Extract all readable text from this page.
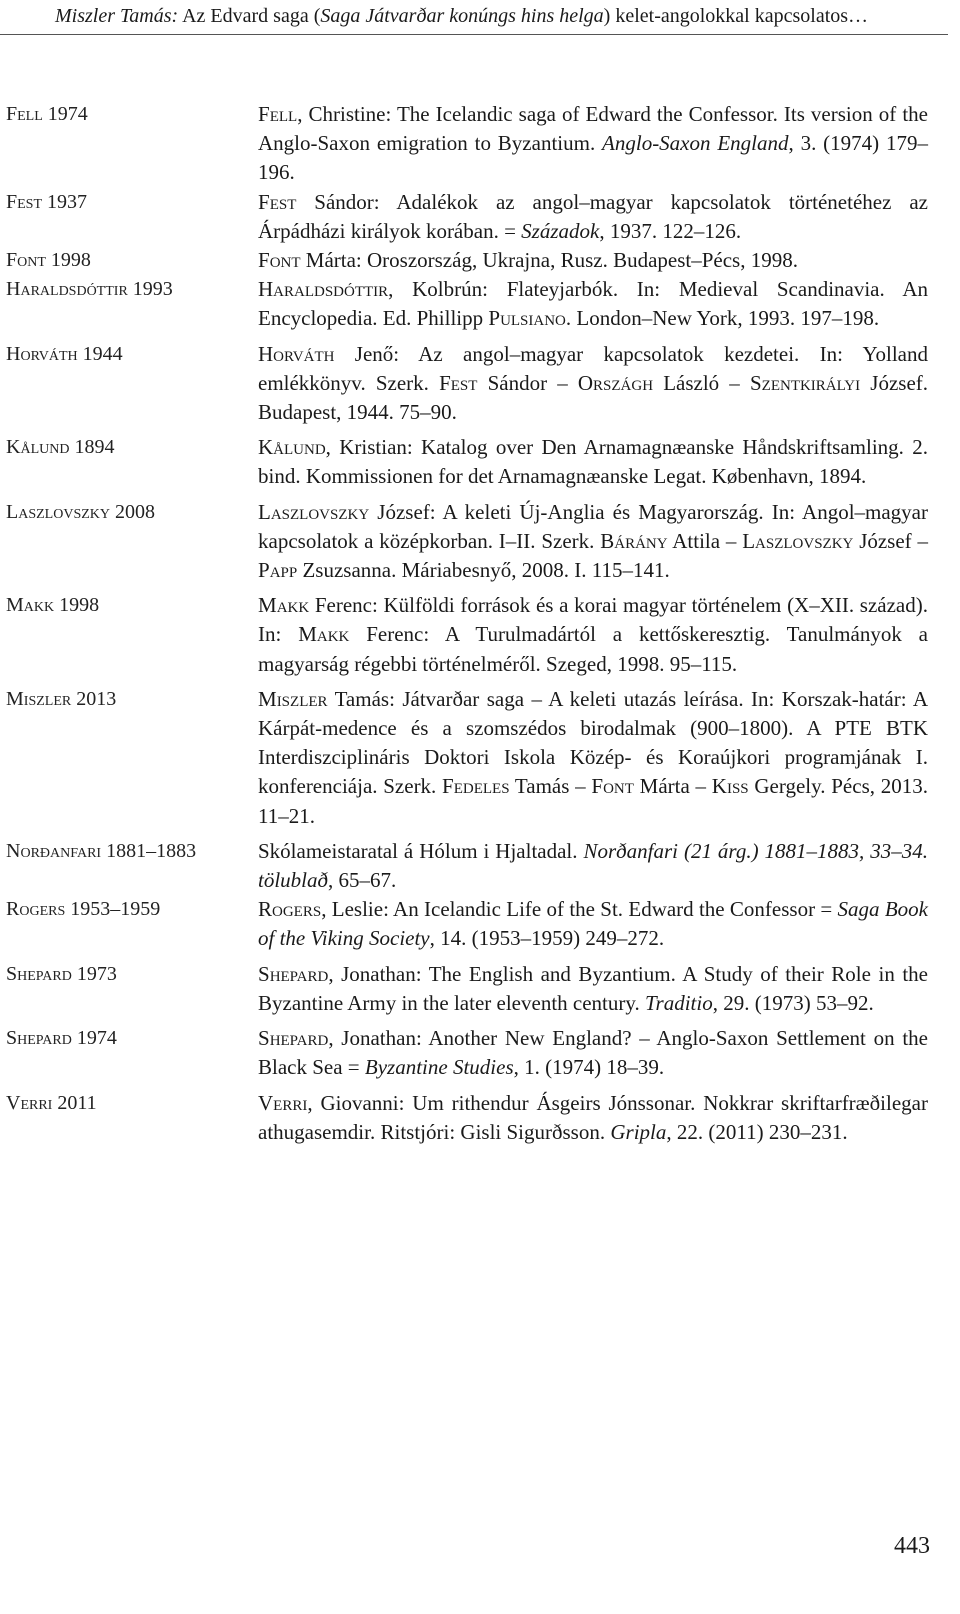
Miszler Tamás: Az Edvard saga (Saga Játvarðar konúngs hins helga) kelet-angolokkal kapcsolatos…
Fell 1974	Fell, Christine: The Icelandic saga of Edward the Confessor. Its version of the Anglo-Saxon emigration to Byzantium. Anglo-Saxon England, 3. (1974) 179–196.
Fest 1937	Fest Sándor: Adalékok az angol–magyar kapcsolatok történetéhez az Árpádházi királyok korában. = Századok, 1937. 122–126.
Font 1998	Font Márta: Oroszország, Ukrajna, Rusz. Budapest–Pécs, 1998.
Haraldsdóttir 1993	Haraldsdóttir, Kolbrún: Flateyjarbók. In: Medieval Scandinavia. An Encyclopedia. Ed. Phillipp Pulsiano. London–New York, 1993. 197–198.
Horváth 1944	Horváth Jenő: Az angol–magyar kapcsolatok kezdetei. In: Yolland emlékkönyv. Szerk. Fest Sándor – Országh László – Szentkirályi József. Budapest, 1944. 75–90.
Kålund 1894	Kålund, Kristian: Katalog over Den Arnamagnæanske Håndskriftsamling. 2. bind. Kommissionen for det Arnamagnæanske Legat. København, 1894.
Laszlovszky 2008	Laszlovszky József: A keleti Új-Anglia és Magyarország. In: Angol–magyar kapcsolatok a középkorban. I–II. Szerk. Bárány Attila – Laszlovszky József – Papp Zsuzsanna. Máriabesnyő, 2008. I. 115–141.
Makk 1998	Makk Ferenc: Külföldi források és a korai magyar történelem (X–XII. század). In: Makk Ferenc: A Turulmadártól a kettőskeresztig. Tanulmányok a magyarság régebbi történelméről. Szeged, 1998. 95–115.
Miszler 2013	Miszler Tamás: Játvarðar saga – A keleti utazás leírása. In: Korszak-határ: A Kárpát-medence és a szomszédos birodalmak (900–1800). A PTE BTK Interdiszciplináris Doktori Iskola Közép- és Koraújkori programjának I. konferenciája. Szerk. Fedeles Tamás – Font Márta – Kiss Gergely. Pécs, 2013. 11–21.
Norðanfari 1881–1883	Skólameistaratal á Hólum i Hjaltadal. Norðanfari (21 árg.) 1881–1883, 33–34. tölublað, 65–67.
Rogers 1953–1959	Rogers, Leslie: An Icelandic Life of the St. Edward the Confessor = Saga Book of the Viking Society, 14. (1953–1959) 249–272.
Shepard 1973	Shepard, Jonathan: The English and Byzantium. A Study of their Role in the Byzantine Army in the later eleventh century. Traditio, 29. (1973) 53–92.
Shepard 1974	Shepard, Jonathan: Another New England? – Anglo-Saxon Settlement on the Black Sea = Byzantine Studies, 1. (1974) 18–39.
Verri 2011	Verri, Giovanni: Um rithendur Ásgeirs Jónssonar. Nokkrar skriftarfræðilegar athugasemdir. Ritstjóri: Gisli Sigurðsson. Gripla, 22. (2011) 230–231.
443
